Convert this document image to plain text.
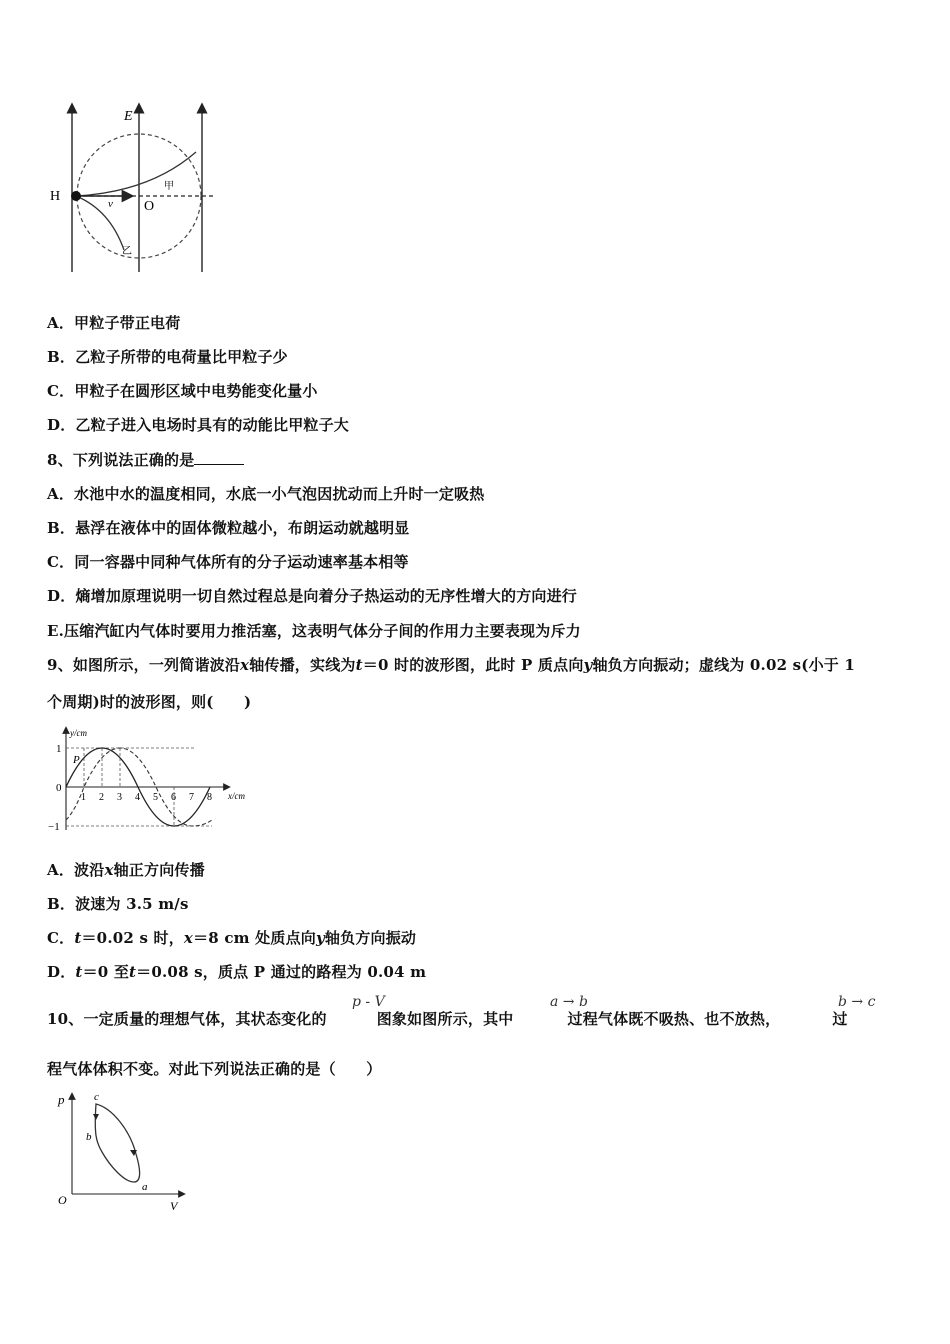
E
H
O
v
甲
乙
A．甲粒子带正电荷
B．乙粒子所带的电荷量比甲粒子少
C．甲粒子在圆形区域中电势能变化量小
D．乙粒子进入电场时具有的动能比甲粒子大
8、下列说法正确的是
A．水池中水的温度相同，水底一小气泡因扰动而上升时一定吸热
B．悬浮在液体中的固体微粒越小，布朗运动就越明显
C．同一容器中同种气体所有的分子运动速率基本相等
D．熵增加原理说明一切自然过程总是向着分子热运动的无序性增大的方向进行
E.压缩汽缸内气体时要用力推活塞，这表明气体分子间的作用力主要表现为斥力
9、如图所示，一列简谐波沿x轴传播，实线为t＝0 时的波形图，此时 P 质点向y轴负方向振动；虚线为 0.02 s(小于 1
个周期)时的波形图，则(　　)
y/cm
x/cm
1
0
−1
P
1 2 3 4 5 6 7 8
A．波沿x轴正方向传播
B．波速为 3.5 m/s
C．t＝0.02 s 时，x＝8 cm 处质点向y轴负方向振动
D．t＝0 至t＝0.08 s，质点 P 通过的路程为 0.04 m
10、一定质量的理想气体，其状态变化的	图象如图所示，其中	过程气体既不吸热、也不放热，	过
p - V	a → b	b → c
程气体体积不变。对此下列说法正确的是（　　）
p
V
O
c
b
a
